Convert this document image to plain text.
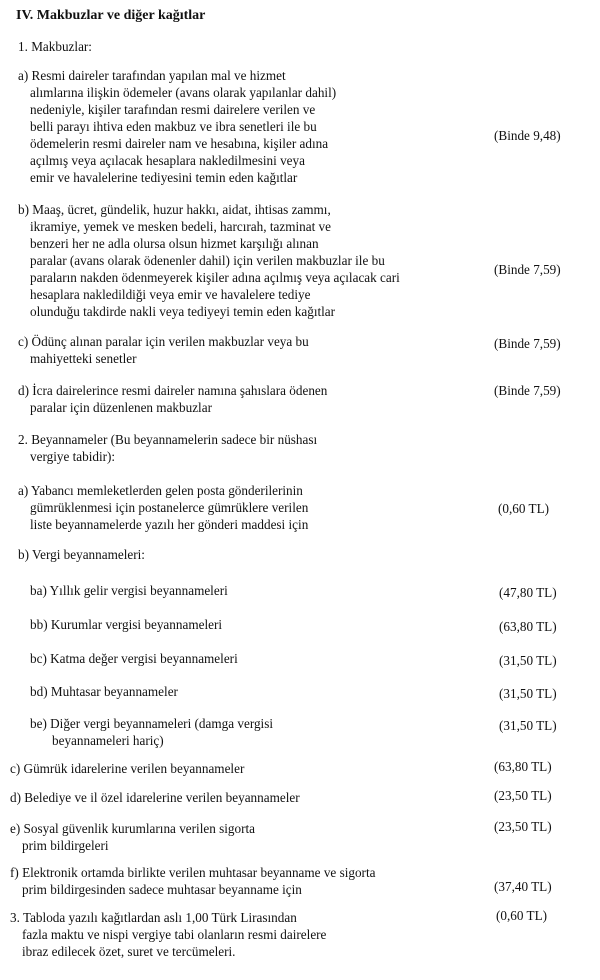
IV. Makbuzlar ve diğer kağıtlar
1. Makbuzlar:
a) Resmi daireler tarafından yapılan mal ve hizmet
alımlarına ilişkin ödemeler (avans olarak yapılanlar dahil)
nedeniyle, kişiler tarafından resmi dairelere verilen ve
belli parayı ihtiva eden makbuz ve ibra senetleri ile bu
ödemelerin resmi daireler nam ve hesabına, kişiler adına
açılmış veya açılacak hesaplara nakledilmesini veya
emir ve havalelerine tediyesini temin eden kağıtlar
(Binde 9,48)
b) Maaş, ücret, gündelik, huzur hakkı, aidat, ihtisas zammı,
ikramiye, yemek ve mesken bedeli, harcırah, tazminat ve
benzeri her ne adla olursa olsun hizmet karşılığı alınan
paralar (avans olarak ödenenler dahil) için verilen makbuzlar ile bu
paraların nakden ödenmeyerek kişiler adına açılmış veya açılacak cari
hesaplara nakledildiği veya emir ve havalelere tediye
olunduğu takdirde nakli veya tediyeyi temin eden kağıtlar
(Binde 7,59)
c) Ödünç alınan paralar için verilen makbuzlar veya bu
mahiyetteki senetler
(Binde 7,59)
d) İcra dairelerince resmi daireler namına şahıslara ödenen
paralar için düzenlenen makbuzlar
(Binde 7,59)
2. Beyannameler (Bu beyannamelerin sadece bir nüshası
vergiye tabidir):
a) Yabancı memleketlerden gelen posta gönderilerinin
gümrüklenmesi için postanelerce gümrüklere verilen
liste beyannamelerde yazılı her gönderi maddesi için
(0,60 TL)
b) Vergi beyannameleri:
ba) Yıllık gelir vergisi beyannameleri	(47,80 TL)
bb) Kurumlar vergisi beyannameleri	(63,80 TL)
bc) Katma değer vergisi beyannameleri	(31,50 TL)
bd) Muhtasar beyannameler	(31,50 TL)
be) Diğer vergi beyannameleri (damga vergisi
beyannameleri hariç)
(31,50 TL)
c) Gümrük idarelerine verilen beyannameler	(63,80 TL)
d) Belediye ve il özel idarelerine verilen beyannameler	(23,50 TL)
e) Sosyal güvenlik kurumlarına verilen sigorta
prim bildirgeleri
(23,50 TL)
f) Elektronik ortamda birlikte verilen muhtasar beyanname ve sigorta
prim bildirgesinden sadece muhtasar beyanname için	(37,40 TL)
3. Tabloda yazılı kağıtlardan aslı 1,00 Türk Lirasından
fazla maktu ve nispi vergiye tabi olanların resmi dairelere
ibraz edilecek özet, suret ve tercümeleri.
(0,60 TL)
